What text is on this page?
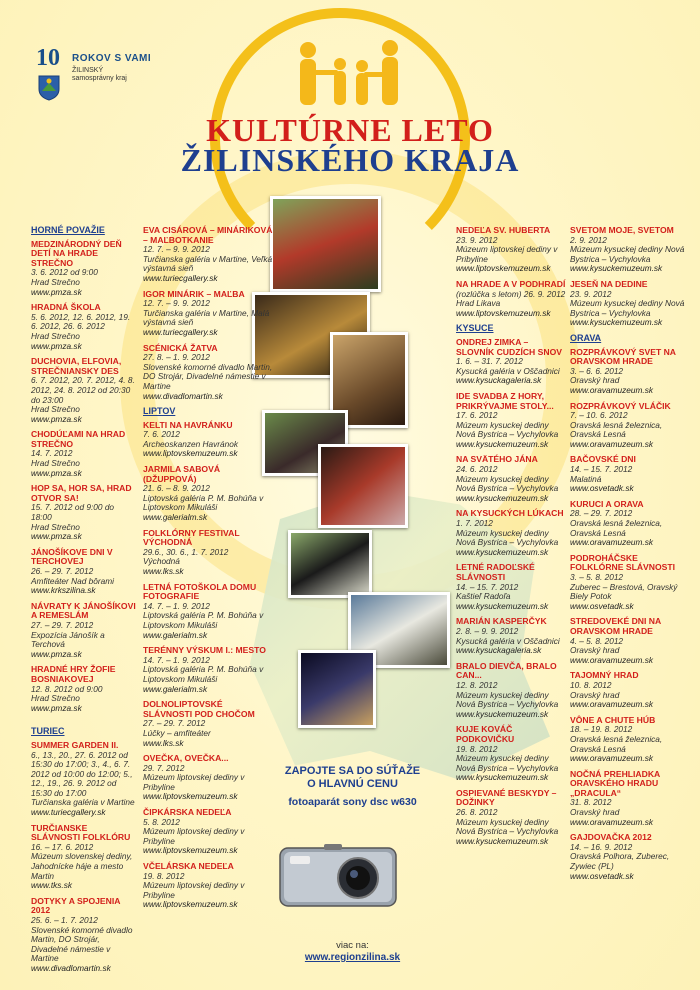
10 ROKOV S VAMI
ŽILINSKÝ
samosprávny kraj
KULTÚRNE LETO
ŽILINSKÉHO KRAJA
HORNÉ POVAŽIE
MEDZINÁRODNÝ DEŇ DETÍ NA HRADE STREČNO
3. 6. 2012 od 9:00
Hrad Strečno
www.pmza.sk
HRADNÁ ŠKOLA
5. 6. 2012, 12. 6. 2012, 19. 6. 2012, 26. 6. 2012
Hrad Strečno
www.pmza.sk
DUCHOVIA, ELFOVIA, STREČNIANSKY DES
6. 7. 2012, 20. 7. 2012, 4. 8. 2012, 24. 8. 2012 od 20:30 do 23:00
Hrad Strečno
www.pmza.sk
CHODÚĽAMI NA HRAD STREČNO
14. 7. 2012
Hrad Strečno
www.pmza.sk
HOP SA, HOR SA, HRAD OTVOR SA!
15. 7. 2012 od 9:00 do 18:00
Hrad Strečno
www.pmza.sk
JÁNOŠÍKOVE DNI V TERCHOVEJ
26. – 29. 7. 2012
Amfiteáter Nad bôrami
www.krkszilina.sk
NÁVRATY K JÁNOŠÍKOVI A REMESLÁM
27. – 29. 7. 2012
Expozícia Jánošík a Terchová
www.pmza.sk
HRADNÉ HRY ŽOFIE BOSNIAKOVEJ
12. 8. 2012 od 9:00
Hrad Strečno
www.pmza.sk
TURIEC
SUMMER GARDEN II.
6., 13., 20., 27. 6. 2012 od 15:30 do 17:00; 3., 4., 6. 7. 2012 od 10:00 do 12:00; 5., 12., 19., 26. 9. 2012 od 15:30 do 17:00
Turčianska galéria v Martine
www.turiecgallery.sk
TURČIANSKE SLÁVNOSTI FOLKLÓRU
16. – 17. 6. 2012
Múzeum slovenskej dediny, Jahodnícke háje a mesto Martin
www.tks.sk
DOTYKY A SPOJENIA 2012
25. 6. – 1. 7. 2012
Slovenské komorné divadlo Martin, DO Strojár, Divadelné námestie v Martine
www.divadlomartin.sk
EVA CISÁROVÁ – MINÁRIKOVÁ – MAĽBOTKANIE
12. 7. – 9. 9. 2012
Turčianska galéria v Martine, Veľká výstavná sieň
www.turiecgallery.sk
IGOR MINÁRIK – MAĽBA
12. 7. – 9. 9. 2012
Turčianska galéria v Martine, Malá výstavná sieň
www.turiecgallery.sk
SCÉNICKÁ ŽATVA
27. 8. – 1. 9. 2012
Slovenské komorné divadlo Martin, DO Strojár, Divadelné námestie v Martine
www.divadlomartin.sk
LIPTOV
KELTI NA HAVRÁNKU
7. 6. 2012
Archeoskanzen Havránok
www.liptovskemuzeum.sk
JARMILA SABOVÁ (DŽUPPOVÁ)
21. 6. – 8. 9. 2012
Liptovská galéria P. M. Bohúňa v Liptovskom Mikuláši
www.galerialm.sk
FOLKLÓRNY FESTIVAL VÝCHODNÁ
29.6., 30. 6., 1. 7. 2012
Východná
www.lks.sk
LETNÁ FOTOŠKOLA DOMU FOTOGRAFIE
14. 7. – 1. 9. 2012
Liptovská galéria P. M. Bohúňa v Liptovskom Mikuláši
www.galerialm.sk
TERÉNNY VÝSKUM I.: MESTO
14. 7. – 1. 9. 2012
Liptovská galéria P. M. Bohúňa v Liptovskom Mikuláši
www.galerialm.sk
DOLNOLIPTOVSKÉ SLÁVNOSTI POD CHOČOM
27. – 29. 7. 2012
Lúčky – amfiteáter
www.lks.sk
OVEČKA, OVEČKA...
29. 7. 2012
Múzeum liptovskej dediny v Pribyline
www.liptovskemuzeum.sk
ČIPKÁRSKA NEDEĽA
5. 8. 2012
Múzeum liptovskej dediny v Pribyline
www.liptovskemuzeum.sk
VČELÁRSKA NEDEĽA
19. 8. 2012
Múzeum liptovskej dediny v Pribyline
www.liptovskemuzeum.sk
NEDEĽA SV. HUBERTA
23. 9. 2012
Múzeum liptovskej dediny v Pribyline
www.liptovskemuzeum.sk
NA HRADE A V PODHRADÍ
(rozlúčka s letom) 26. 9. 2012
Hrad Likava
www.liptovskemuzeum.sk
KYSUCE
ONDREJ ZIMKA – SLOVNÍK CUDZÍCH SNOV
1. 6. – 31. 7. 2012
Kysucká galéria v Oščadnici
www.kysuckagaleria.sk
IDE SVADBA Z HORY, PRIKRÝVAJME STOLY...
17. 6. 2012
Múzeum kysuckej dediny Nová Bystrica – Vychylovka
www.kysuckemuzeum.sk
NA SVÄTÉHO JÁNA
24. 6. 2012
Múzeum kysuckej dediny Nová Bystrica – Vychylovka
www.kysuckemuzeum.sk
NA KYSUCKÝCH LÚKACH
1. 7. 2012
Múzeum kysuckej dediny Nová Bystrica – Vychylovka
www.kysuckemuzeum.sk
LETNÉ RADOĽSKÉ SLÁVNOSTI
14. – 15. 7. 2012
Kaštieľ Radoľa
www.kysuckemuzeum.sk
MARIÁN KASPERČYK
2. 8. – 9. 9. 2012
Kysucká galéria v Oščadnici
www.kysuckagaleria.sk
BRALO DIEVČA, BRALO CAN...
12. 8. 2012
Múzeum kysuckej dediny Nová Bystrica – Vychylovka
www.kysuckemuzeum.sk
KUJE KOVÁČ PODKOVIČKU
19. 8. 2012
Múzeum kysuckej dediny Nová Bystrica – Vychylovka
www.kysuckemuzeum.sk
OSPIEVANÉ BESKYDY – DOŽINKY
26. 8. 2012
Múzeum kysuckej dediny Nová Bystrica – Vychylovka
www.kysuckemuzeum.sk
SVETOM MOJE, SVETOM
2. 9. 2012
Múzeum kysuckej dediny Nová Bystrica – Vychylovka
www.kysuckemuzeum.sk
JESEŇ NA DEDINE
23. 9. 2012
Múzeum kysuckej dediny Nová Bystrica – Vychylovka
www.kysuckemuzeum.sk
ORAVA
ROZPRÁVKOVÝ SVET NA ORAVSKOM HRADE
3. – 6. 6. 2012
Oravský hrad
www.oravamuzeum.sk
ROZPRÁVKOVÝ VLÁČIK
7. – 10. 6. 2012
Oravská lesná železnica, Oravská Lesná
www.oravamuzeum.sk
BAČOVSKÉ DNI
14. – 15. 7. 2012
Malatiná
www.osvetadk.sk
KURUCI A ORAVA
28. – 29. 7. 2012
Oravská lesná železnica, Oravská Lesná
www.oravamuzeum.sk
PODROHÁČSKE FOLKLÓRNE SLÁVNOSTI
3. – 5. 8. 2012
Zuberec – Brestová, Oravský Biely Potok
www.osvetadk.sk
STREDOVEKÉ DNI NA ORAVSKOM HRADE
4. – 5. 8. 2012
Oravský hrad
www.oravamuzeum.sk
TAJOMNÝ HRAD
10. 8. 2012
Oravský hrad
www.oravamuzeum.sk
VÔNE A CHUTE HÚB
18. – 19. 8. 2012
Oravská lesná železnica, Oravská Lesná
www.oravamuzeum.sk
NOČNÁ PREHLIADKA ORAVSKÉHO HRADU „DRACULA“
31. 8. 2012
Oravský hrad
www.oravamuzeum.sk
GAJDOVAČKA 2012
14. – 16. 9. 2012
Oravská Polhora, Zuberec, Zywiec (PL)
www.osvetadk.sk
ZAPOJTE SA DO SÚŤAŽE
O HLAVNÚ CENU
fotoaparát sony dsc w630
viac na:
www.regionzilina.sk
